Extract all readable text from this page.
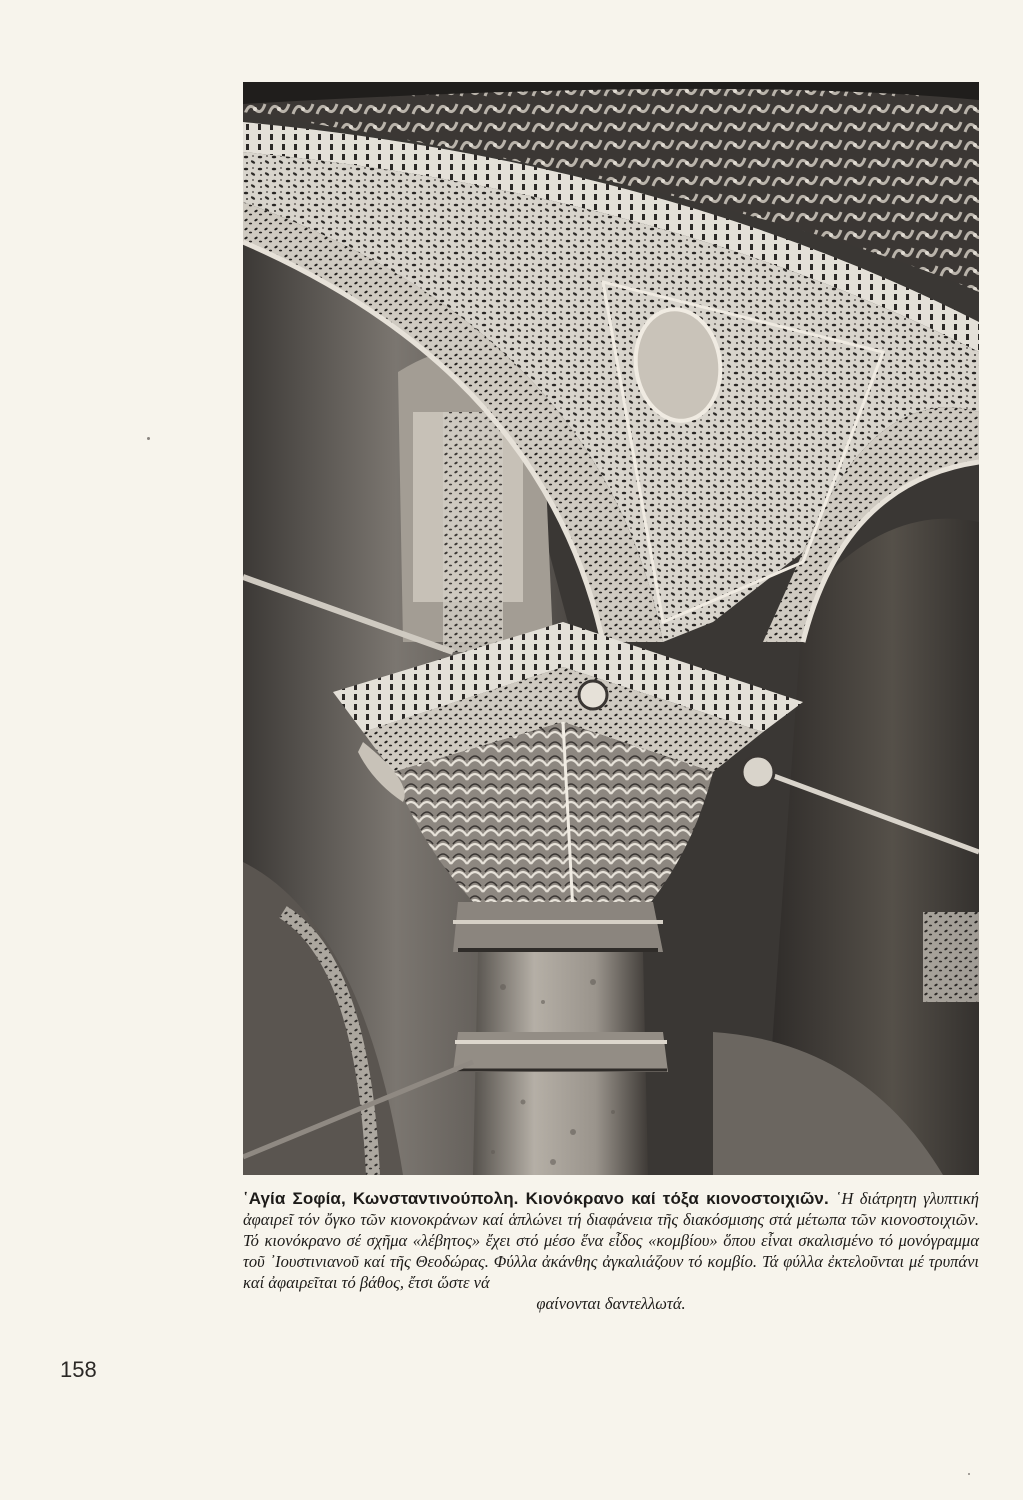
῾Αγία Σοφία, Κωνσταντινούπολη. Κιονόκρανο καί τόξα κιονοστοιχιῶν. ῾Η διάτρητη γλυπτική ἀφαιρεῖ τόν ὄγκο τῶν κιονοκράνων καί ἁπλώνει τή διαφάνεια τῆς διακόσμισης στά μέτωπα τῶν κιονοστοιχιῶν. Τό κιονόκρανο σέ σχῆμα «λέβητος» ἔχει στό μέσο ἕνα εἶδος «κομβίου» ὅπου εἶναι σκαλισμένο τό μονόγραμμα τοῦ ᾿Ιουστινιανοῦ καί τῆς Θεοδώρας. Φύλλα ἀκάνθης ἀγκαλιάζουν τό κομβίο. Τά φύλλα ἐκτελοῦνται μέ τρυπάνι καί ἀφαιρεῖται τό βάθος, ἔτσι ὥστε νά
φαίνονται δαντελλωτά.
158
